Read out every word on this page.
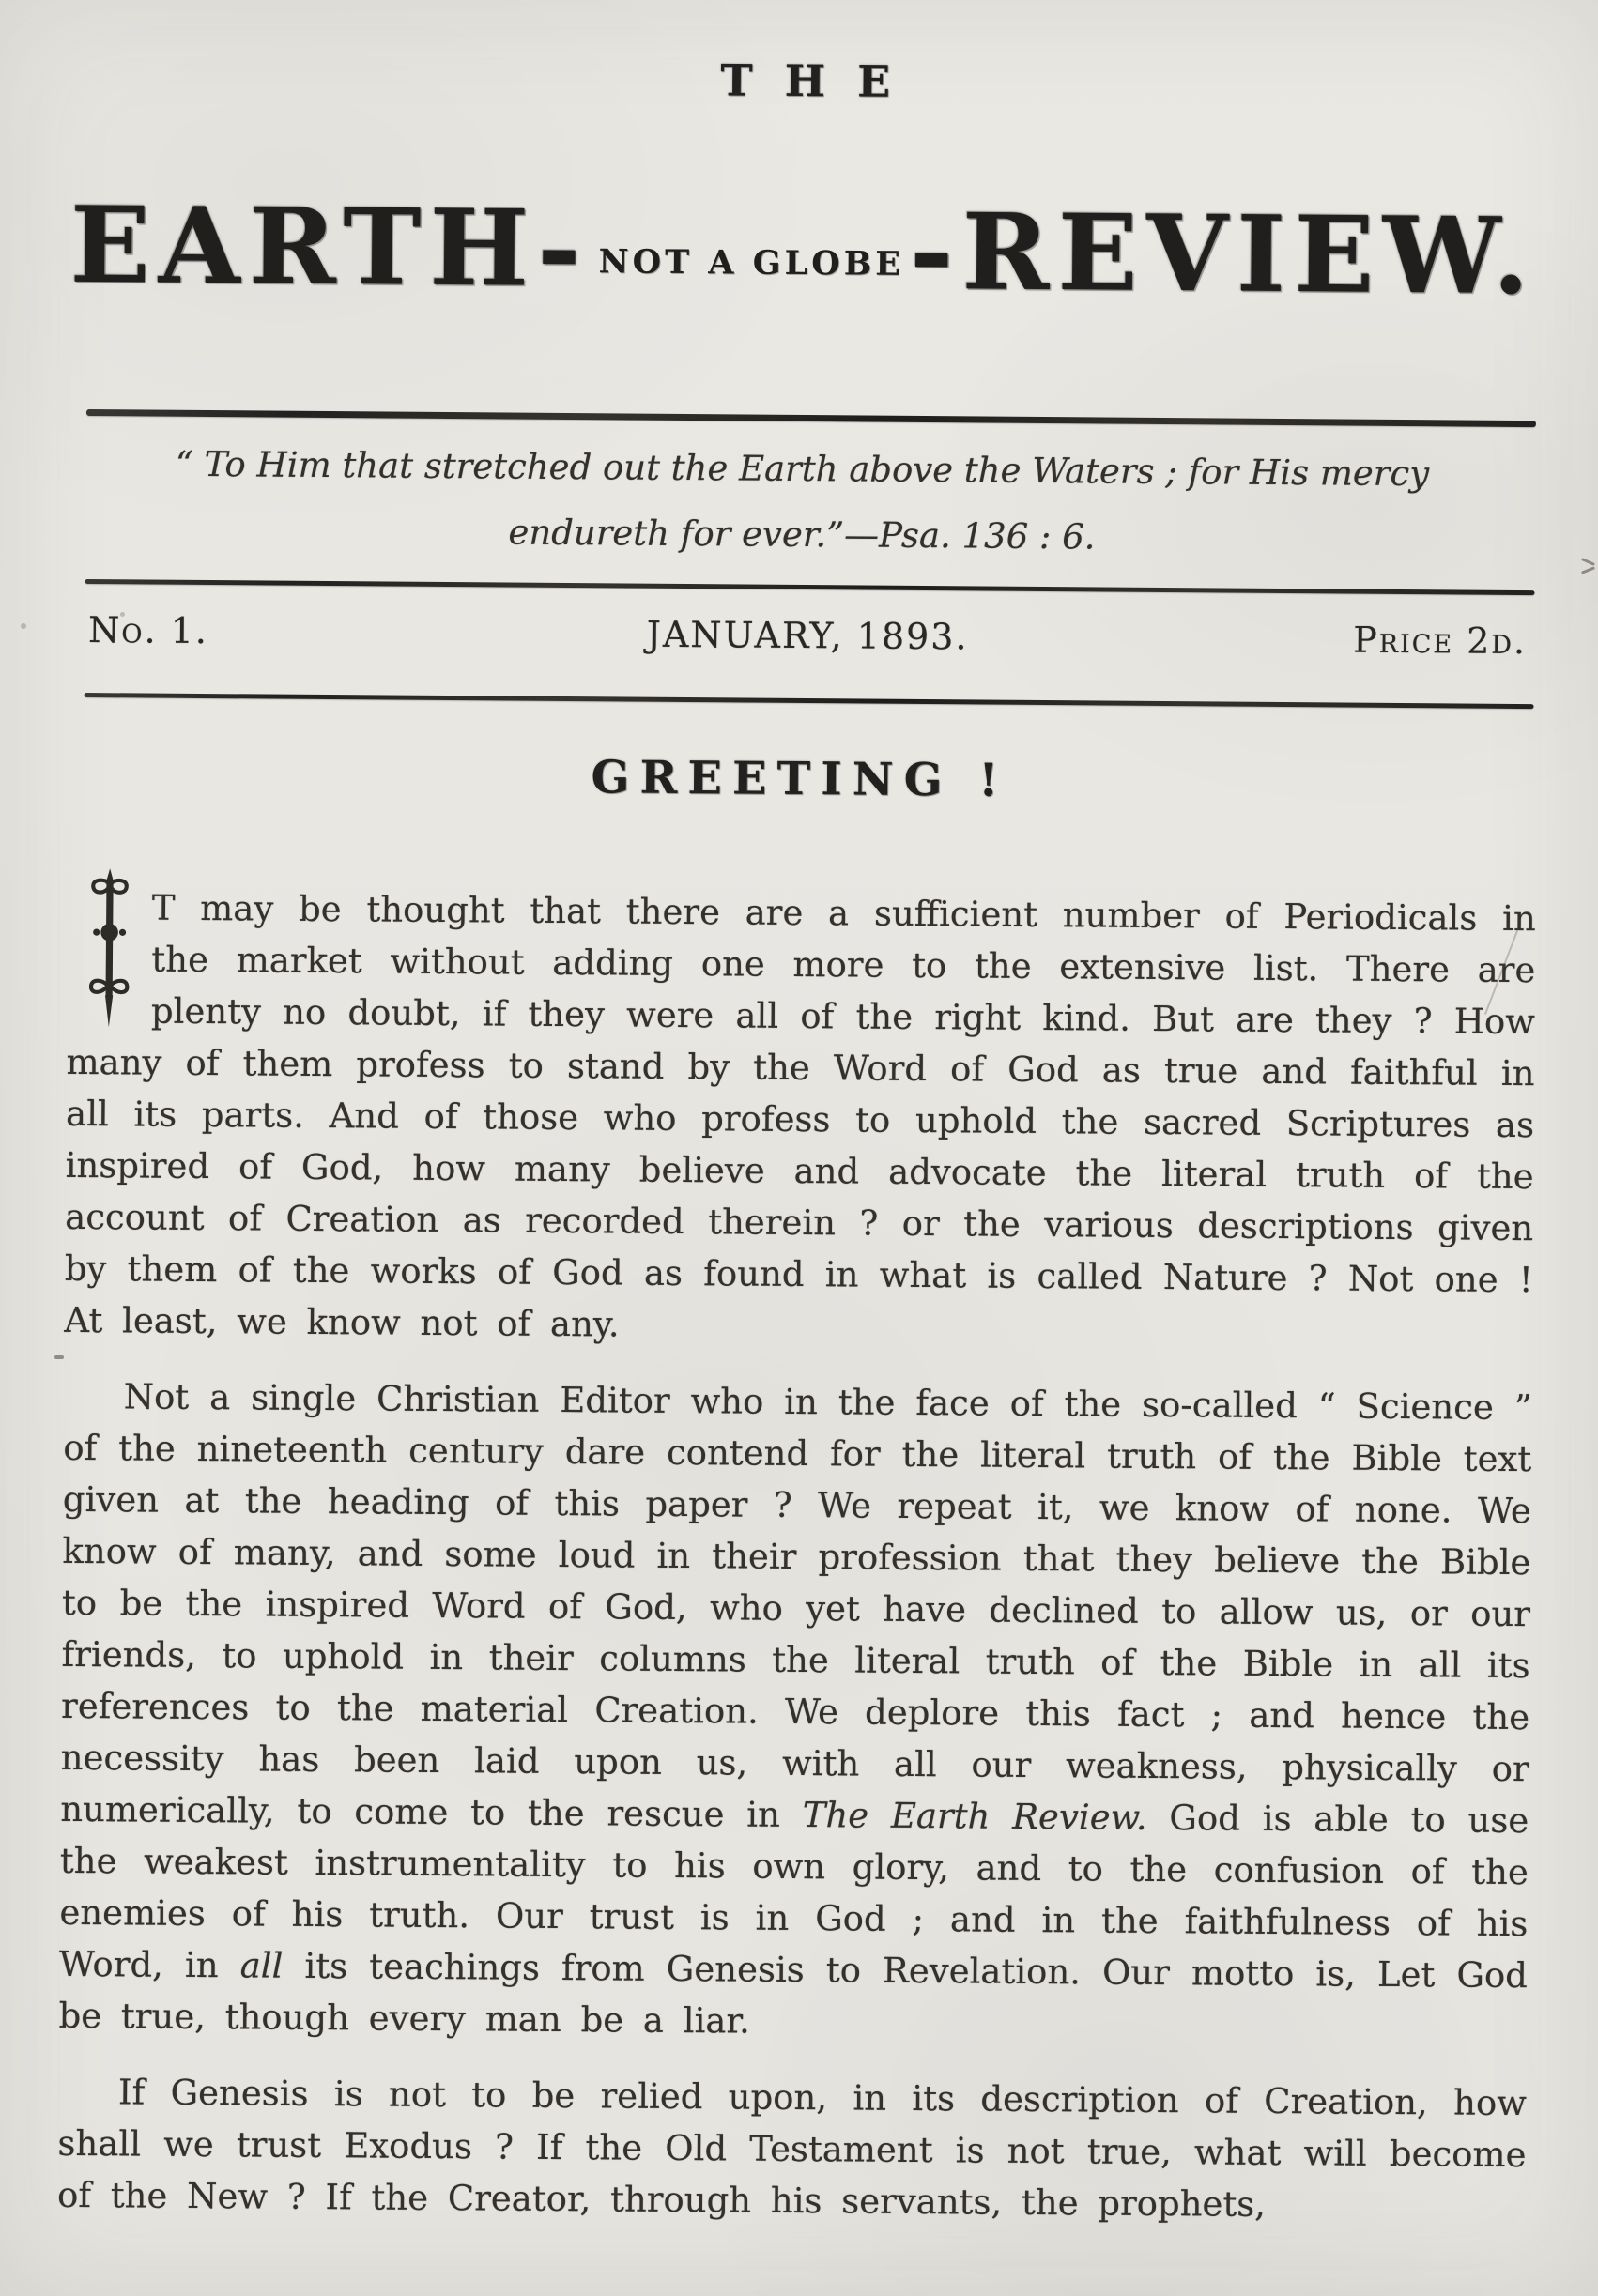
THE
EARTH- NOT A GLOBE -REVIEW.
“ To Him that stretched out the Earth above the Waters ; for His mercy
endureth for ever.”—Psa. 136 : 6.
No. 1.	JANUARY, 1893.	Price 2d.
GREETING !

T may be thought that there are a sufficient number of Periodicals in the market without adding one more to the extensive list. There are plenty no doubt, if they were all of the right kind. But are they ? How many of them profess to stand by the Word of God as true and faithful in all its parts. And of those who profess to uphold the sacred Scriptures as inspired of God, how many believe and advocate the literal truth of the account of Creation as recorded therein ? or the various descriptions given by them of the works of God as found in what is called Nature ? Not one ! At least, we know not of any.

Not a single Christian Editor who in the face of the so-called “ Science ” of the nineteenth century dare contend for the literal truth of the Bible text given at the heading of this paper ? We repeat it, we know of none. We know of many, and some loud in their profession that they believe the Bible to be the inspired Word of God, who yet have declined to allow us, or our friends, to uphold in their columns the literal truth of the Bible in all its references to the material Creation. We deplore this fact ; and hence the necessity has been laid upon us, with all our weakness, physically or numerically, to come to the rescue in The Earth Review. God is able to use the weakest instrumentality to his own glory, and to the confusion of the enemies of his truth. Our trust is in God ; and in the faithfulness of his Word, in all its teachings from Genesis to Revelation. Our motto is, Let God be true, though every man be a liar.

If Genesis is not to be relied upon, in its description of Creation, how shall we trust Exodus ? If the Old Testament is not true, what will become of the New ? If the Creator, through his servants, the prophets,
